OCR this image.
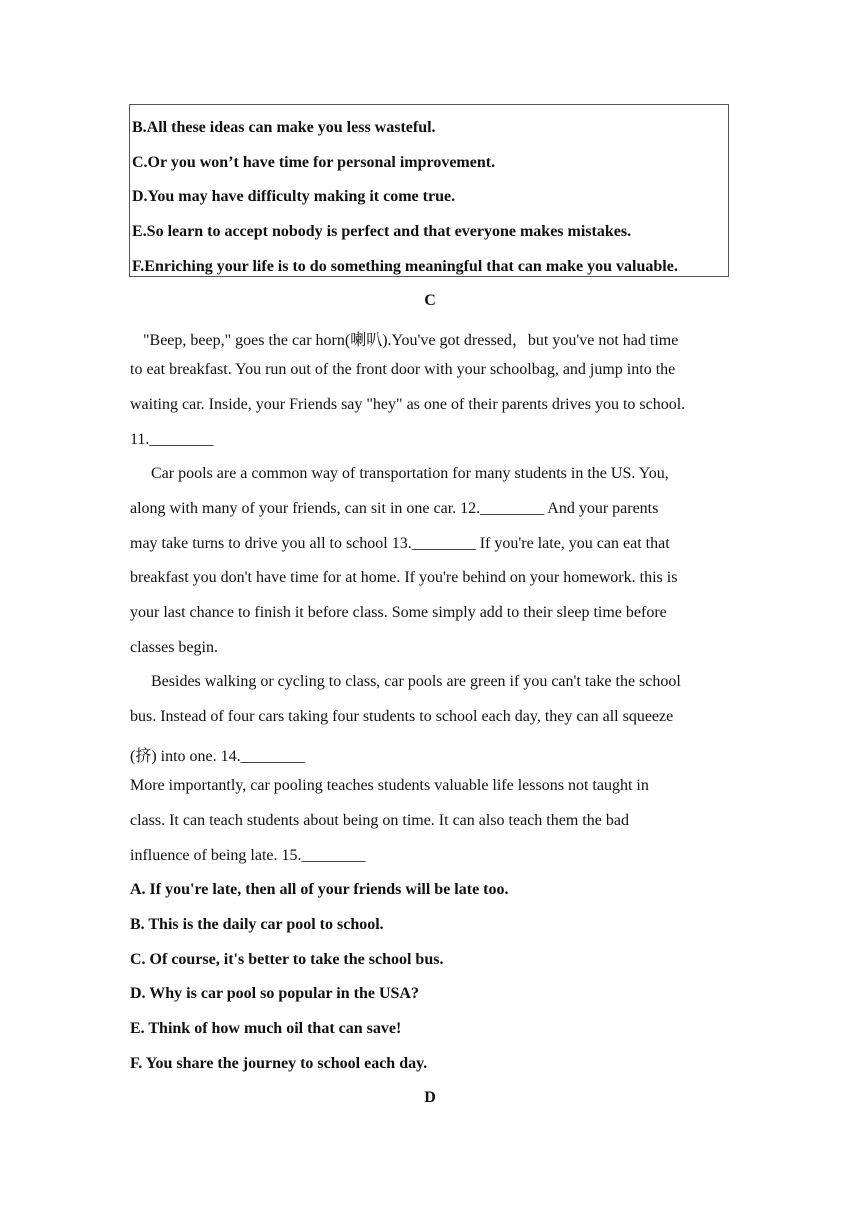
B.All these ideas can make you less wasteful.
C.Or you won’t have time for personal improvement.
D.You may have difficulty making it come true.
E.So learn to accept nobody is perfect and that everyone makes mistakes.
F.Enriching your life is to do something meaningful that can make you valuable.
C
"Beep, beep," goes the car horn(喇叭).You've got dressed，but you've not had time
to eat breakfast. You run out of the front door with your schoolbag, and jump into the
waiting car. Inside, your Friends say "hey" as one of their parents drives you to school.
11.________
Car pools are a common way of transportation for many students in the US. You,
along with many of your friends, can sit in one car. 12.________ And your parents
may take turns to drive you all to school 13.________ If you're late, you can eat that
breakfast you don't have time for at home. If you're behind on your homework. this is
your last chance to finish it before class. Some simply add to their sleep time before
classes begin.
Besides walking or cycling to class, car pools are green if you can't take the school
bus. Instead of four cars taking four students to school each day, they can all squeeze
(挤) into one. 14.________
More importantly, car pooling teaches students valuable life lessons not taught in
class. It can teach students about being on time. It can also teach them the bad
influence of being late. 15.________
A. If you're late, then all of your friends will be late too.
B. This is the daily car pool to school.
C. Of course, it's better to take the school bus.
D. Why is car pool so popular in the USA?
E. Think of how much oil that can save!
F. You share the journey to school each day.
D
